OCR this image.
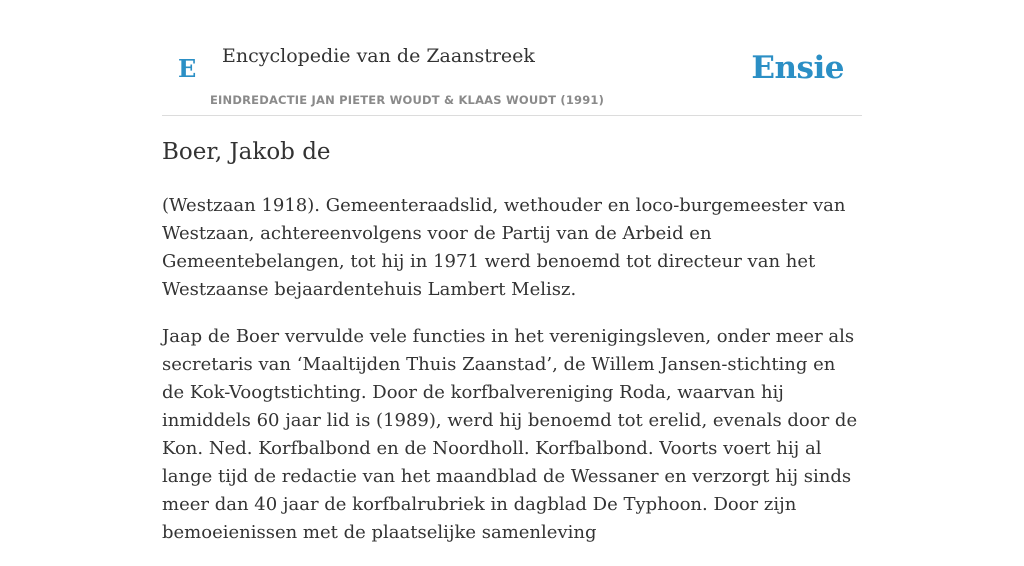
E Encyclopedie van de Zaanstreek	Ensie
EINDREDACTIE JAN PIETER WOUDT & KLAAS WOUDT (1991)
Boer, Jakob de

(Westzaan 1918). Gemeenteraadslid, wethouder en loco-burgemeester van Westzaan, achtereenvolgens voor de Partij van de Arbeid en Gemeentebelangen, tot hij in 1971 werd benoemd tot directeur van het Westzaanse bejaardentehuis Lambert Melisz.

Jaap de Boer vervulde vele functies in het verenigingsleven, onder meer als secretaris van ‘Maaltijden Thuis Zaanstad’, de Willem Jansen-stichting en de Kok-Voogtstichting. Door de korfbalvereniging Roda, waarvan hij inmiddels 60 jaar lid is (1989), werd hij benoemd tot erelid, evenals door de Kon. Ned. Korfbalbond en de Noordholl. Korfbalbond. Voorts voert hij al lange tijd de redactie van het maandblad de Wessaner en verzorgt hij sinds meer dan 40 jaar de korfbalrubriek in dagblad De Typhoon. Door zijn bemoeienissen met de plaatselijke samenleving
